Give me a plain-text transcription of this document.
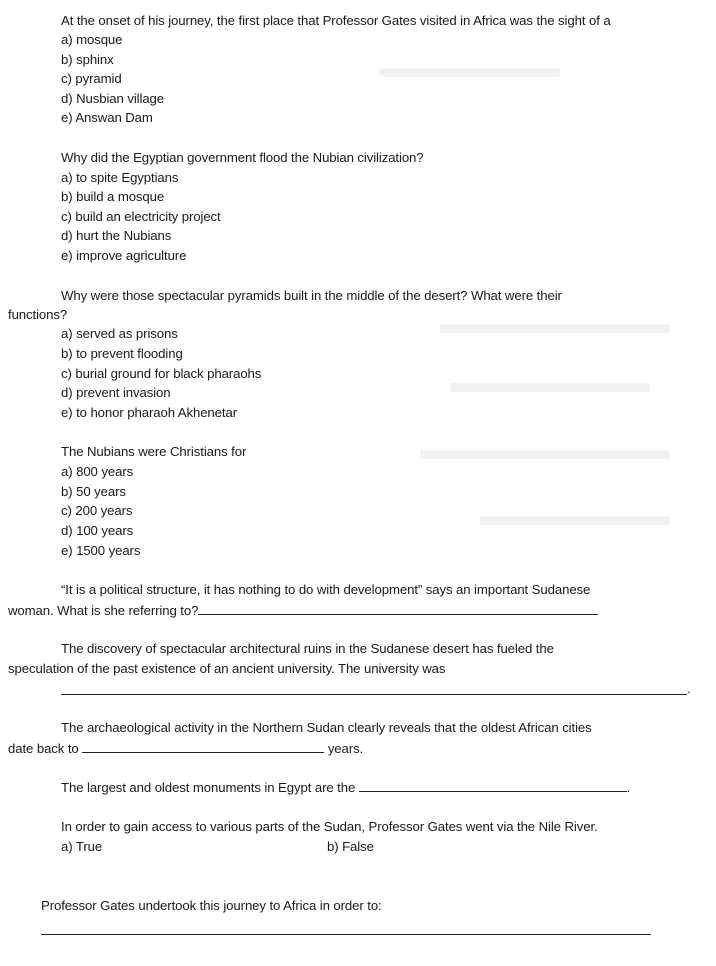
At the onset of his journey, the first place that Professor Gates visited in Africa was the sight of a
a) mosque
b) sphinx
c) pyramid
d) Nusbian village
e) Answan Dam
Why did the Egyptian government flood the Nubian civilization?
a) to spite Egyptians
b) build a mosque
c) build an electricity project
d) hurt the Nubians
e) improve agriculture
Why were those spectacular pyramids built in the middle of the desert? What were their
functions?
a) served as prisons
b) to prevent flooding
c) burial ground for black pharaohs
d) prevent invasion
e) to honor pharaoh Akhenetar
The Nubians were Christians for
a) 800 years
b) 50 years
c) 200 years
d) 100 years
e) 1500 years
“It is a political structure, it has nothing to do with development” says an important Sudanese
woman. What is she referring to?
The discovery of spectacular architectural ruins in the Sudanese desert has fueled the
speculation of the past existence of an ancient university. The university was
.
The archaeological activity in the Northern Sudan clearly reveals that the oldest African cities
date back to	years.
The largest and oldest monuments in Egypt are the	.
In order to gain access to various parts of the Sudan, Professor Gates went via the Nile River.
a) True	b) False
Professor Gates undertook this journey to Africa in order to:
